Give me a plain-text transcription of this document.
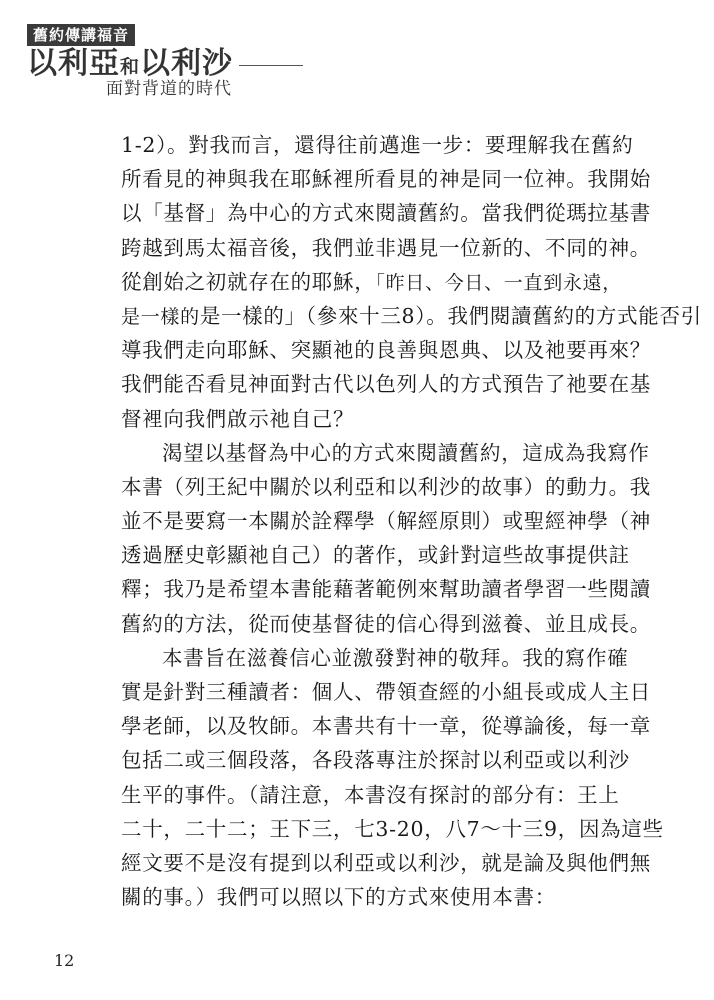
舊約傳講福音
以利亞和以利沙
面對背道的時代
1-2）。對我而言，還得往前邁進一步：要理解我在舊約
所看見的神與我在耶穌裡所看見的神是同一位神。我開始
以「基督」為中心的方式來閱讀舊約。當我們從瑪拉基書
跨越到馬太福音後，我們並非遇見一位新的、不同的神。
從創始之初就存在的耶穌，「昨日、今日、一直到永遠，
是一樣的是一樣的」（參來十三8）。我們閱讀舊約的方式能否引
導我們走向耶穌、突顯祂的良善與恩典、以及祂要再來？
我們能否看見神面對古代以色列人的方式預告了祂要在基
督裡向我們啟示祂自己？
渴望以基督為中心的方式來閱讀舊約，這成為我寫作
本書（列王紀中關於以利亞和以利沙的故事）的動力。我
並不是要寫一本關於詮釋學（解經原則）或聖經神學（神
透過歷史彰顯祂自己）的著作，或針對這些故事提供註
釋；我乃是希望本書能藉著範例來幫助讀者學習一些閱讀
舊約的方法，從而使基督徒的信心得到滋養、並且成長。
本書旨在滋養信心並激發對神的敬拜。我的寫作確
實是針對三種讀者：個人、帶領查經的小組長或成人主日
學老師，以及牧師。本書共有十一章，從導論後，每一章
包括二或三個段落，各段落專注於探討以利亞或以利沙
生平的事件。（請注意，本書沒有探討的部分有：王上
二十，二十二；王下三，七3-20，八7～十三9，因為這些
經文要不是沒有提到以利亞或以利沙，就是論及與他們無
關的事。）我們可以照以下的方式來使用本書：
12
